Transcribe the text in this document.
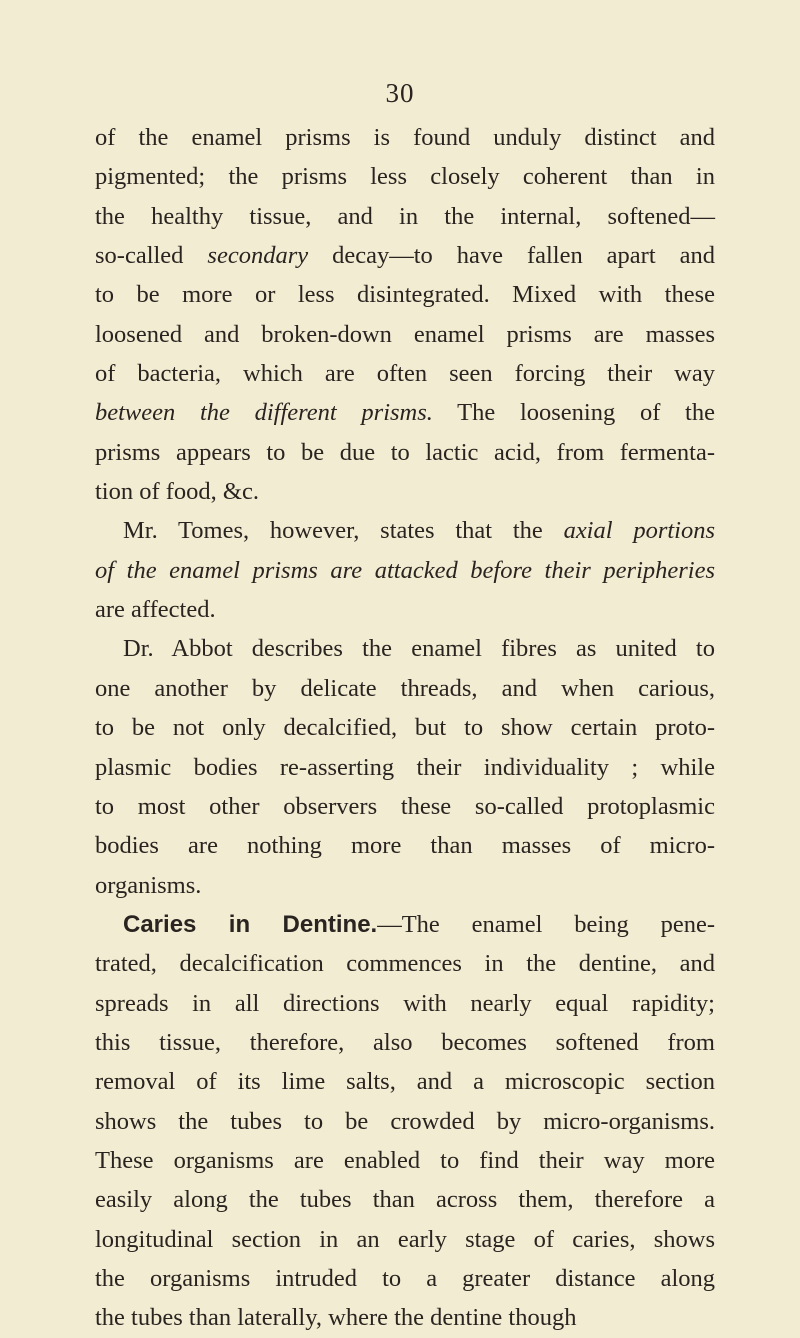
30
of the enamel prisms is found unduly distinct and
pigmented; the prisms less closely coherent than in
the healthy tissue, and in the internal, softened—
so-called secondary decay—to have fallen apart and
to be more or less disintegrated. Mixed with these
loosened and broken-down enamel prisms are masses
of bacteria, which are often seen forcing their way
between the different prisms. The loosening of the
prisms appears to be due to lactic acid, from fermenta-
tion of food, &c.
Mr. Tomes, however, states that the axial portions
of the enamel prisms are attacked before their peripheries
are affected.
Dr. Abbot describes the enamel fibres as united to
one another by delicate threads, and when carious,
to be not only decalcified, but to show certain proto-
plasmic bodies re-asserting their individuality ; while
to most other observers these so-called protoplasmic
bodies are nothing more than masses of micro-
organisms.
Caries in Dentine.—The enamel being pene-
trated, decalcification commences in the dentine, and
spreads in all directions with nearly equal rapidity;
this tissue, therefore, also becomes softened from
removal of its lime salts, and a microscopic section
shows the tubes to be crowded by micro-organisms.
These organisms are enabled to find their way more
easily along the tubes than across them, therefore a
longitudinal section in an early stage of caries, shows
the organisms intruded to a greater distance along
the tubes than laterally, where the dentine though
